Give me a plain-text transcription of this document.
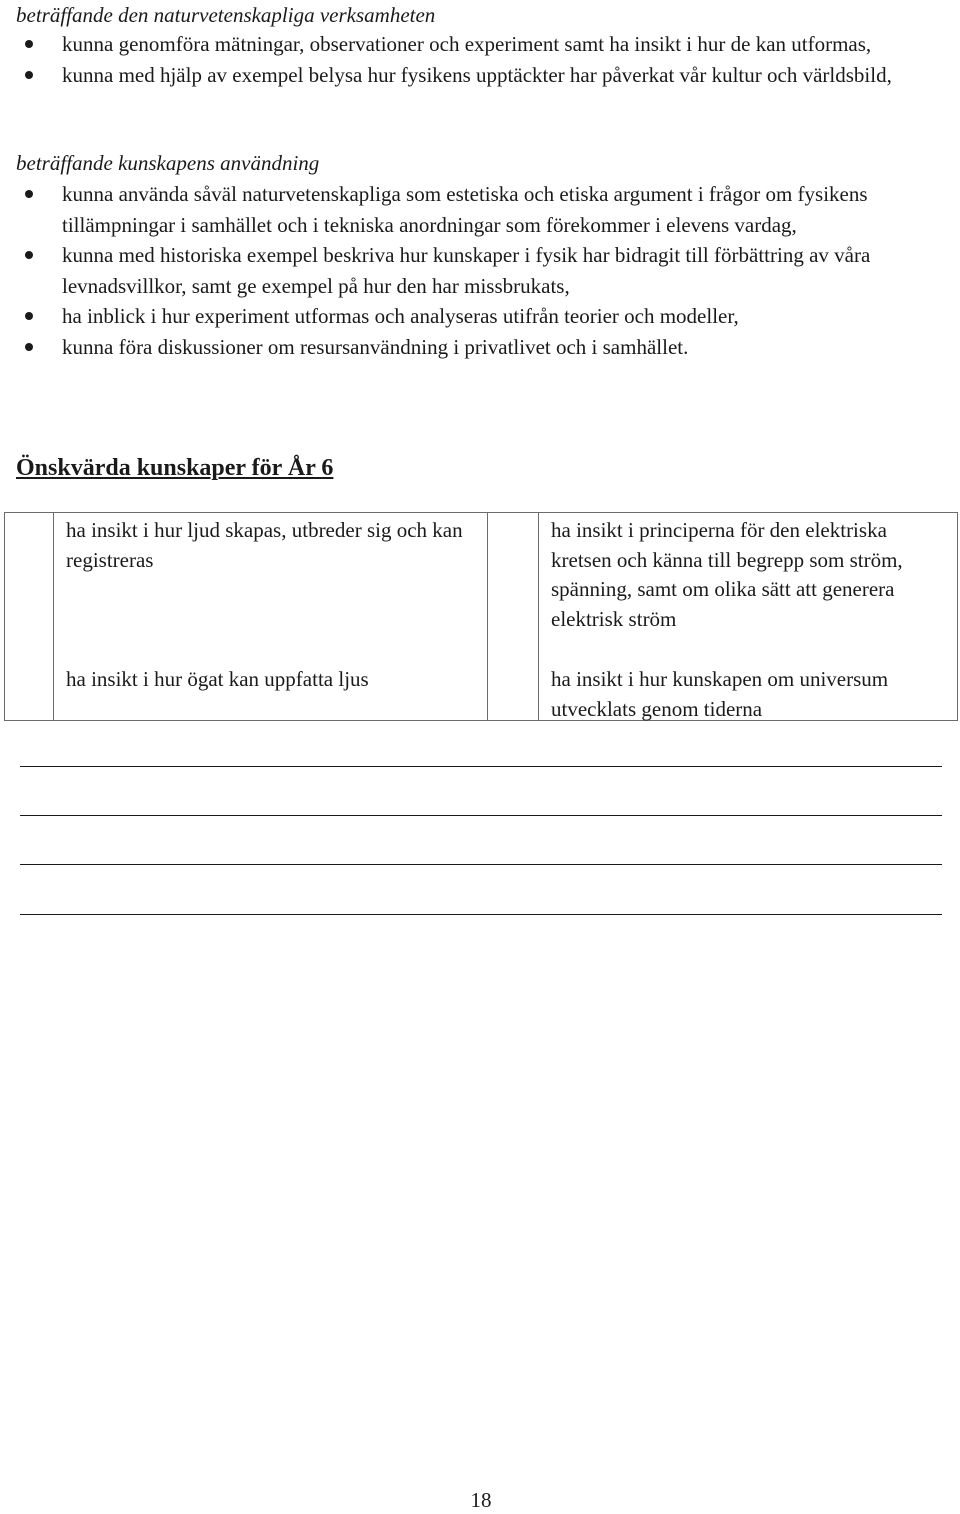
beträffande den naturvetenskapliga verksamheten
kunna genomföra mätningar, observationer och experiment samt ha insikt i hur de kan utformas,
kunna med hjälp av exempel belysa hur fysikens upptäckter har påverkat vår kultur och världsbild,
beträffande kunskapens användning
kunna använda såväl naturvetenskapliga som estetiska och etiska argument i frågor om fysikens tillämpningar i samhället och i tekniska anordningar som förekommer i elevens vardag,
kunna med historiska exempel beskriva hur kunskaper i fysik har bidragit till förbättring av våra levnadsvillkor, samt ge exempel på hur den har missbrukats,
ha inblick i hur experiment utformas och analyseras utifrån teorier och modeller,
kunna föra diskussioner om resursanvändning i privatlivet och i samhället.
Önskvärda kunskaper för År 6
ha insikt i hur ljud skapas, utbreder sig och kan registreras
ha insikt i hur ögat kan uppfatta ljus
ha insikt i principerna för den elektriska kretsen och känna till begrepp som ström, spänning, samt om olika sätt att generera elektrisk ström
ha insikt i hur kunskapen om universum utvecklats genom tiderna
18
